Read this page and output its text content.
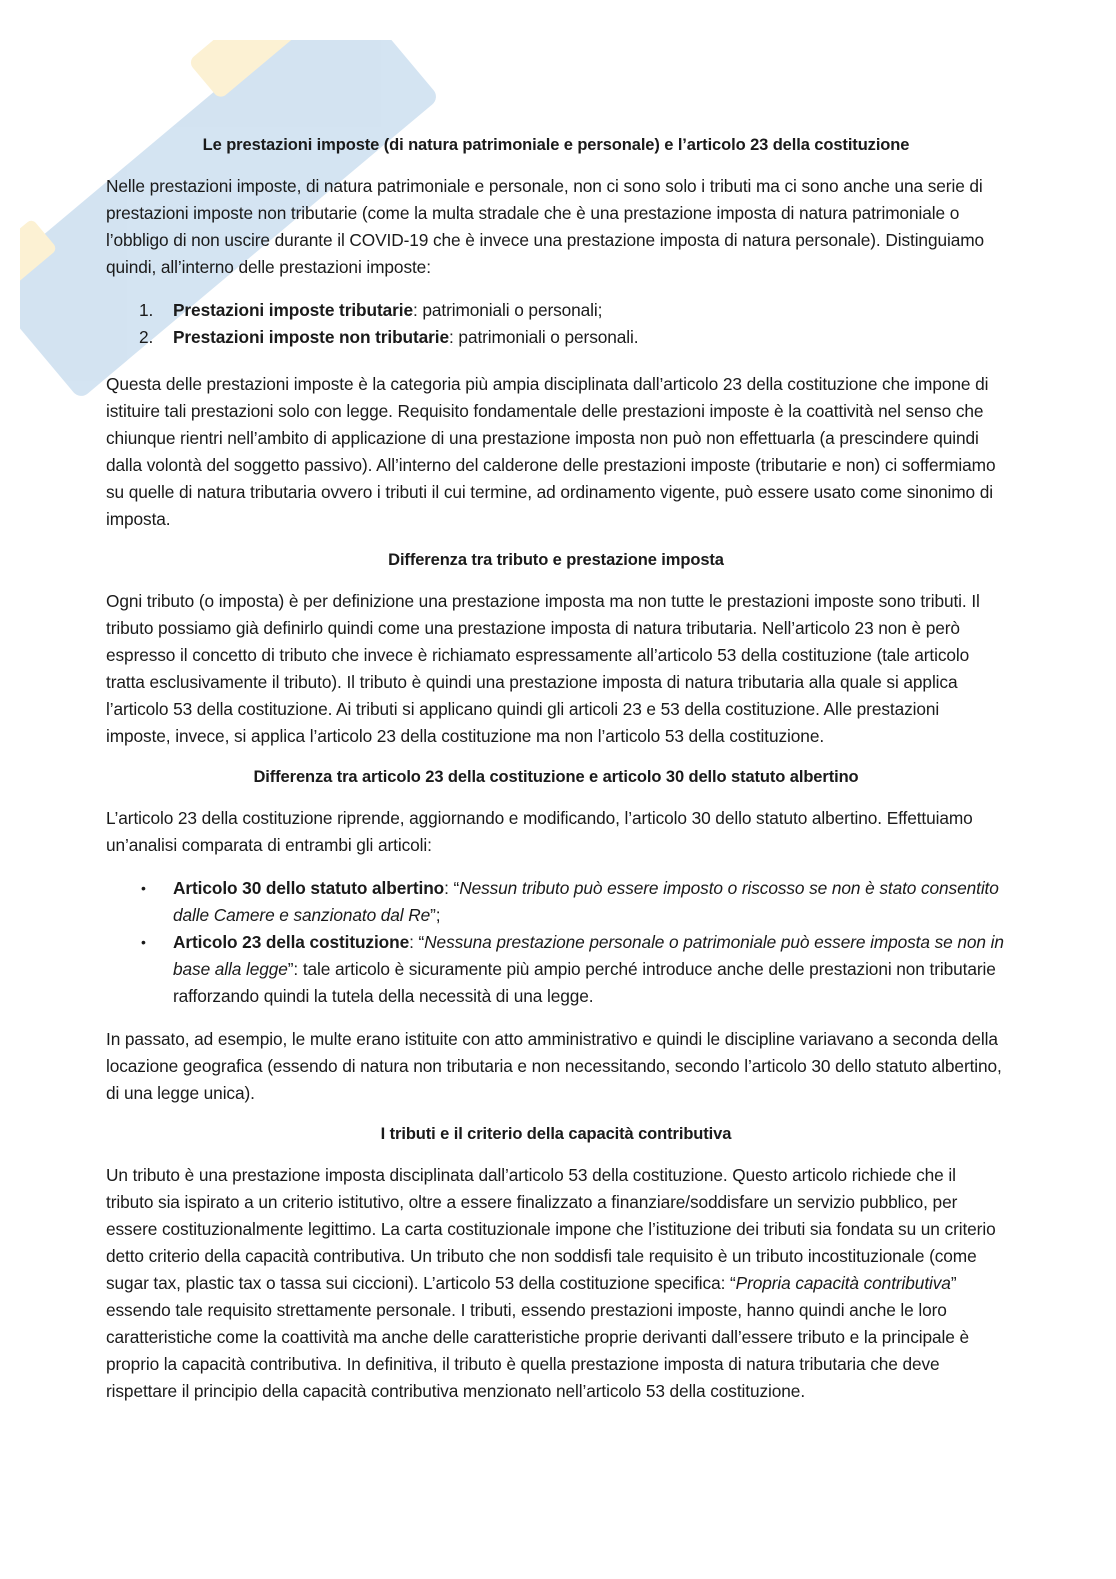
Le prestazioni imposte (di natura patrimoniale e personale) e l’articolo 23 della costituzione

Nelle prestazioni imposte, di natura patrimoniale e personale, non ci sono solo i tributi ma ci sono anche una serie di prestazioni imposte non tributarie (come la multa stradale che è una prestazione imposta di natura patrimoniale o l’obbligo di non uscire durante il COVID-19 che è invece una prestazione imposta di natura personale). Distinguiamo quindi, all’interno delle prestazioni imposte:

1. Prestazioni imposte tributarie: patrimoniali o personali;
2. Prestazioni imposte non tributarie: patrimoniali o personali.

Questa delle prestazioni imposte è la categoria più ampia disciplinata dall’articolo 23 della costituzione che impone di istituire tali prestazioni solo con legge. Requisito fondamentale delle prestazioni imposte è la coattività nel senso che chiunque rientri nell’ambito di applicazione di una prestazione imposta non può non effettuarla (a prescindere quindi dalla volontà del soggetto passivo). All’interno del calderone delle prestazioni imposte (tributarie e non) ci soffermiamo su quelle di natura tributaria ovvero i tributi il cui termine, ad ordinamento vigente, può essere usato come sinonimo di imposta.

Differenza tra tributo e prestazione imposta

Ogni tributo (o imposta) è per definizione una prestazione imposta ma non tutte le prestazioni imposte sono tributi. Il tributo possiamo già definirlo quindi come una prestazione imposta di natura tributaria. Nell’articolo 23 non è però espresso il concetto di tributo che invece è richiamato espressamente all’articolo 53 della costituzione (tale articolo tratta esclusivamente il tributo). Il tributo è quindi una prestazione imposta di natura tributaria alla quale si applica l’articolo 53 della costituzione. Ai tributi si applicano quindi gli articoli 23 e 53 della costituzione. Alle prestazioni imposte, invece, si applica l’articolo 23 della costituzione ma non l’articolo 53 della costituzione.

Differenza tra articolo 23 della costituzione e articolo 30 dello statuto albertino

L’articolo 23 della costituzione riprende, aggiornando e modificando, l’articolo 30 dello statuto albertino. Effettuiamo un’analisi comparata di entrambi gli articoli:

• Articolo 30 dello statuto albertino: “Nessun tributo può essere imposto o riscosso se non è stato consentito dalle Camere e sanzionato dal Re”;
• Articolo 23 della costituzione: “Nessuna prestazione personale o patrimoniale può essere imposta se non in base alla legge”: tale articolo è sicuramente più ampio perché introduce anche delle prestazioni non tributarie rafforzando quindi la tutela della necessità di una legge.

In passato, ad esempio, le multe erano istituite con atto amministrativo e quindi le discipline variavano a seconda della locazione geografica (essendo di natura non tributaria e non necessitando, secondo l’articolo 30 dello statuto albertino, di una legge unica).

I tributi e il criterio della capacità contributiva

Un tributo è una prestazione imposta disciplinata dall’articolo 53 della costituzione. Questo articolo richiede che il tributo sia ispirato a un criterio istitutivo, oltre a essere finalizzato a finanziare/soddisfare un servizio pubblico, per essere costituzionalmente legittimo. La carta costituzionale impone che l’istituzione dei tributi sia fondata su un criterio detto criterio della capacità contributiva. Un tributo che non soddisfi tale requisito è un tributo incostituzionale (come sugar tax, plastic tax o tassa sui ciccioni). L’articolo 53 della costituzione specifica: “Propria capacità contributiva” essendo tale requisito strettamente personale. I tributi, essendo prestazioni imposte, hanno quindi anche le loro caratteristiche come la coattività ma anche delle caratteristiche proprie derivanti dall’essere tributo e la principale è proprio la capacità contributiva. In definitiva, il tributo è quella prestazione imposta di natura tributaria che deve rispettare il principio della capacità contributiva menzionato nell’articolo 53 della costituzione.
